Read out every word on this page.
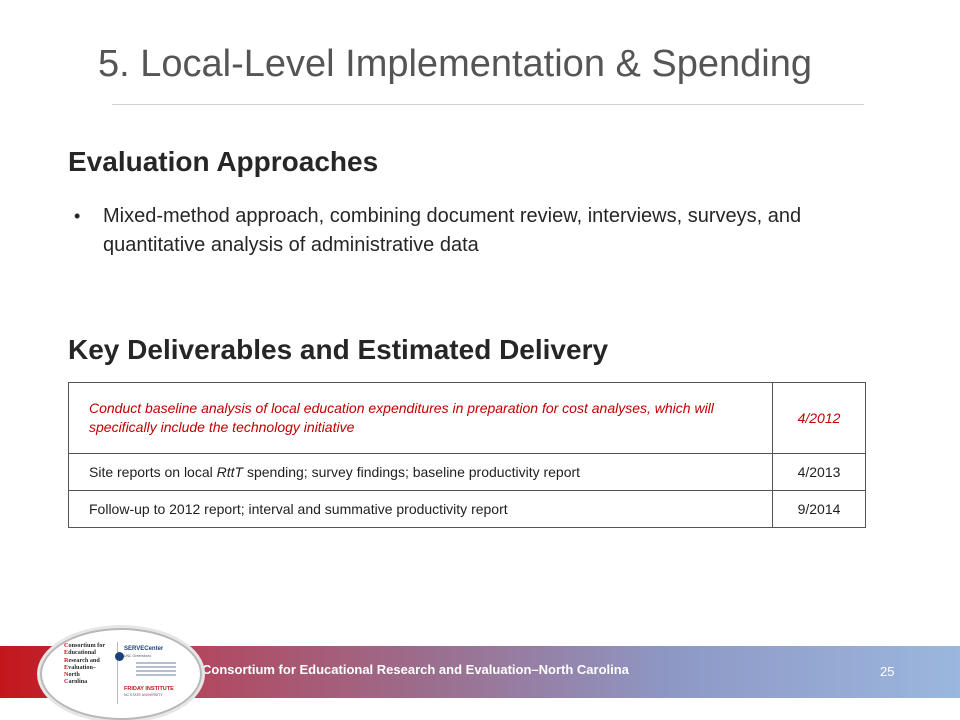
5. Local-Level Implementation & Spending
Evaluation Approaches
• Mixed-method approach, combining document review, interviews, surveys, and quantitative analysis of administrative data
Key Deliverables and Estimated Delivery
Conduct baseline analysis of local education expenditures in preparation for cost analyses, which will specifically include the technology initiative	4/2012
Site reports on local RttT spending; survey findings; baseline productivity report	4/2013
Follow-up to 2012 report; interval and summative productivity report	9/2014
Consortium for Educational Research and Evaluation–North Carolina	25
Consortium for
Educational
Research and
Evaluation–
North
Carolina
SERVECenter
UNC Greensboro
FRIDAY INSTITUTE
NC STATE UNIVERSITY
